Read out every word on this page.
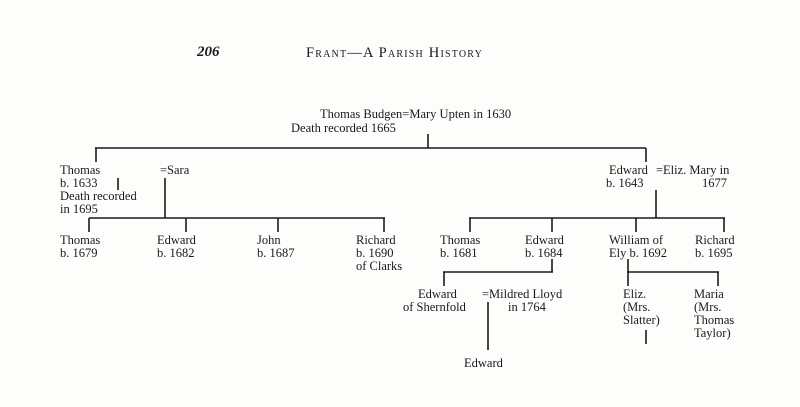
206	Frant—A Parish History
Thomas Budgen=Mary Upten in 1630
Death recorded 1665
Thomas
b. 1633
Death recorded
in 1695
=Sara	Edward
b. 1643
=Eliz. Mary in
1677
Thomas
b. 1679
Edward
b. 1682
John
b. 1687
Richard
b. 1690
of Clarks
Thomas
b. 1681
Edward
b. 1684
William of
Ely b. 1692
Richard
b. 1695
Edward
of Shernfold
=Mildred Lloyd
in 1764
Eliz.
(Mrs.
Slatter)
Maria
(Mrs.
Thomas
Taylor)
Edward
